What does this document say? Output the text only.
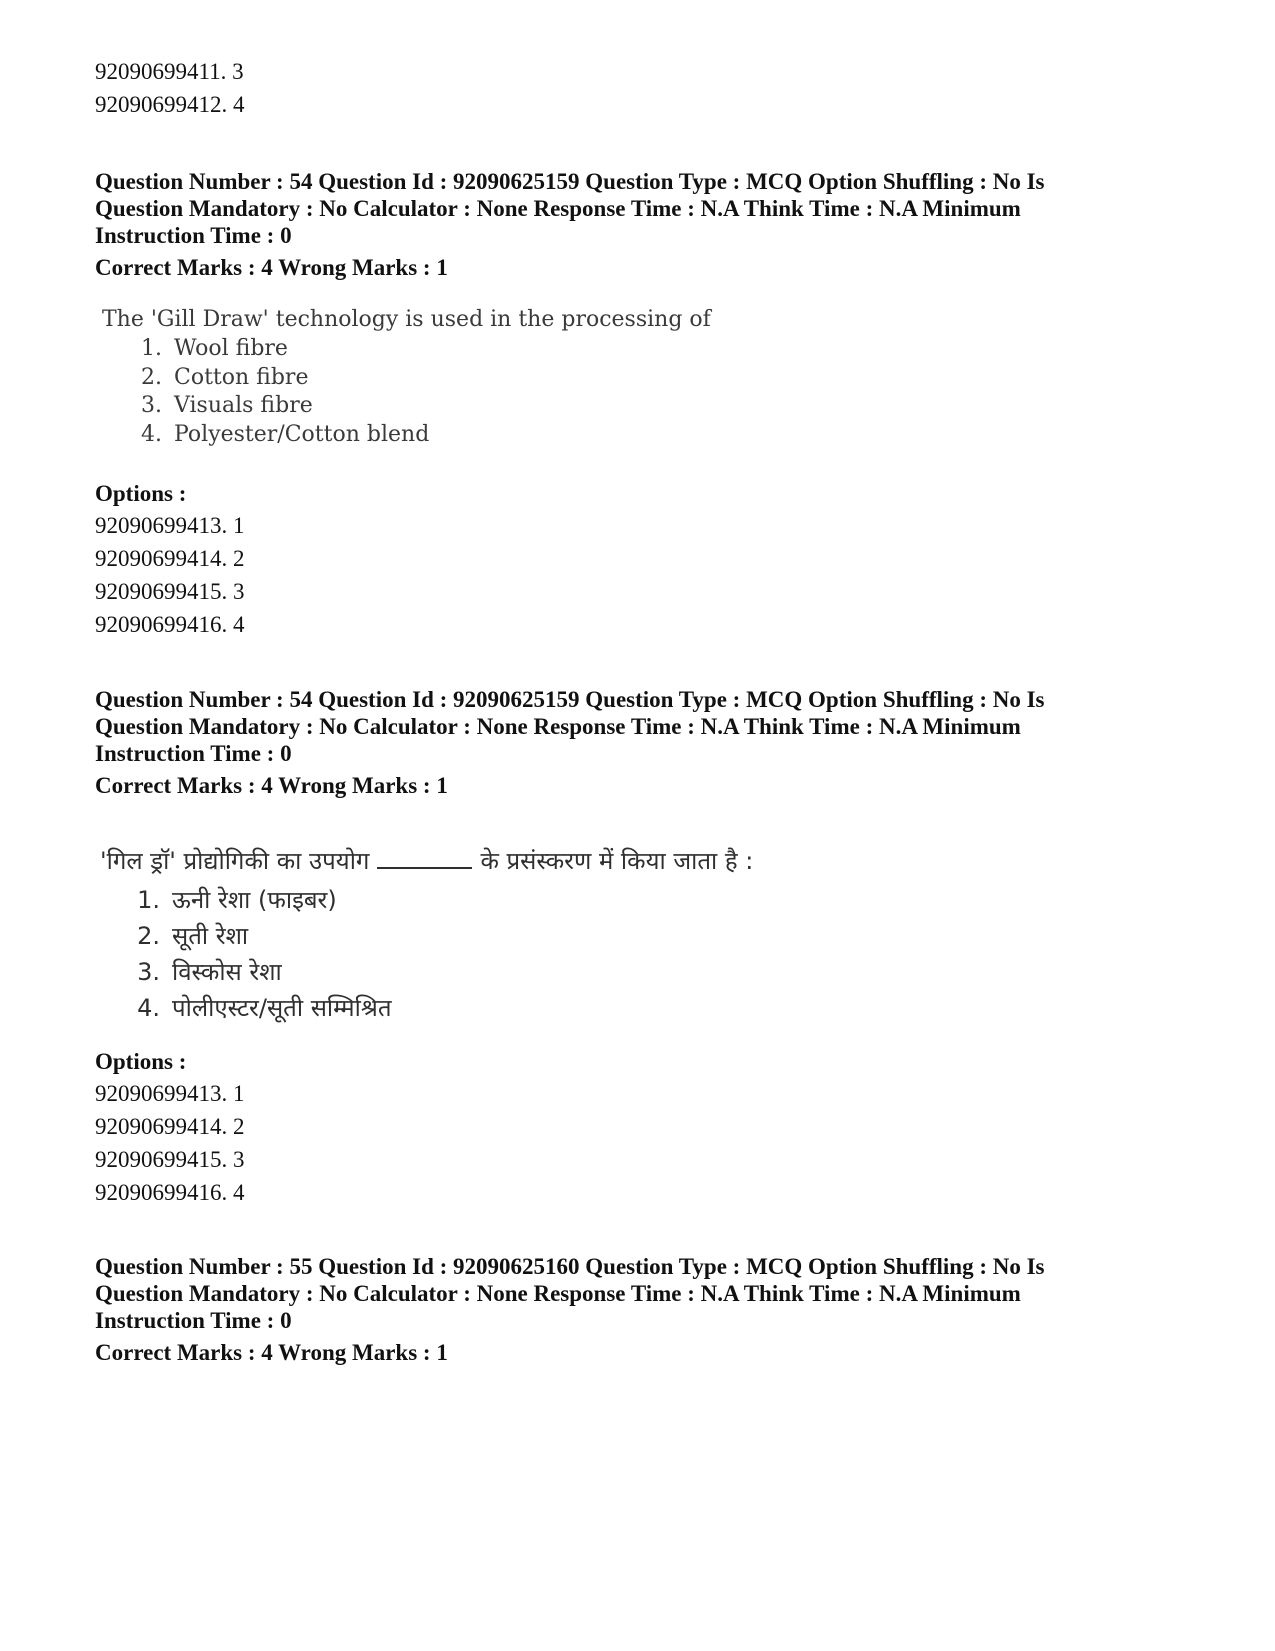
92090699411. 3
92090699412. 4
Question Number : 54 Question Id : 92090625159 Question Type : MCQ Option Shuffling : No Is
Question Mandatory : No Calculator : None Response Time : N.A Think Time : N.A Minimum
Instruction Time : 0
Correct Marks : 4 Wrong Marks : 1
The 'Gill Draw' technology is used in the processing of
1. Wool fibre
2. Cotton fibre
3. Visuals fibre
4. Polyester/Cotton blend
Options :
92090699413. 1
92090699414. 2
92090699415. 3
92090699416. 4
Question Number : 54 Question Id : 92090625159 Question Type : MCQ Option Shuffling : No Is
Question Mandatory : No Calculator : None Response Time : N.A Think Time : N.A Minimum
Instruction Time : 0
Correct Marks : 4 Wrong Marks : 1
'गिल ड्रॉ' प्रोद्योगिकी का उपयोग	के प्रसंस्करण में किया जाता है :
1. ऊनी रेशा (फाइबर)
2. सूती रेशा
3. विस्कोस रेशा
4. पोलीएस्टर/सूती सम्मिश्रित
Options :
92090699413. 1
92090699414. 2
92090699415. 3
92090699416. 4
Question Number : 55 Question Id : 92090625160 Question Type : MCQ Option Shuffling : No Is
Question Mandatory : No Calculator : None Response Time : N.A Think Time : N.A Minimum
Instruction Time : 0
Correct Marks : 4 Wrong Marks : 1
